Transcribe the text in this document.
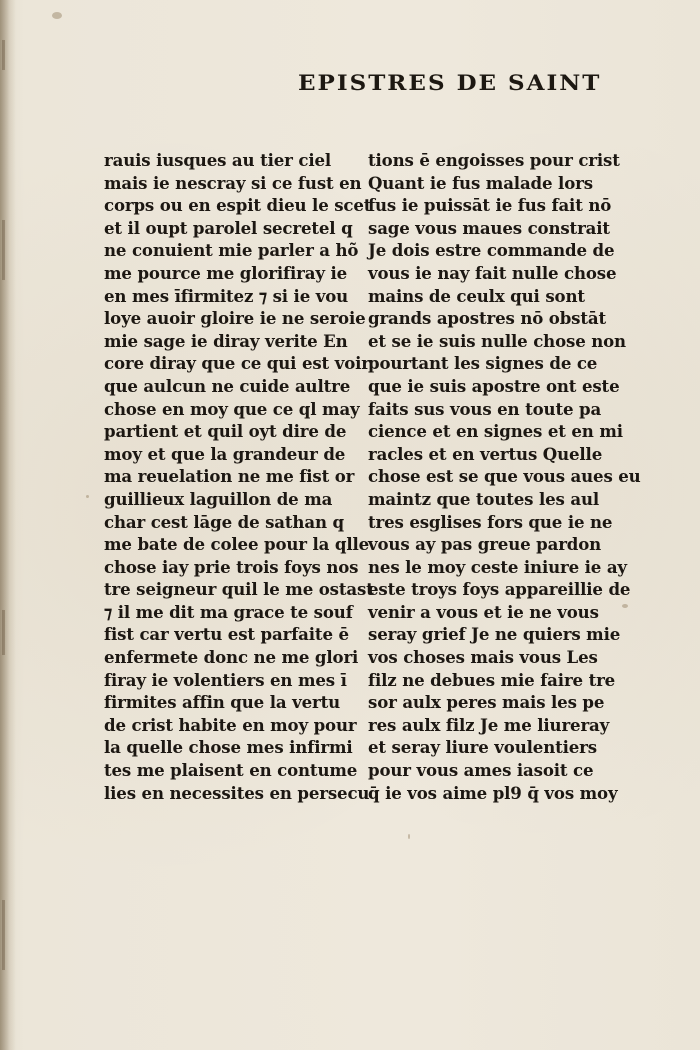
EPISTRES DE SAINT
rauis iusques au tier ciel
mais ie nescray si ce fust en
corps ou en espit dieu le scet
et il oupt parolel secretel q
ne conuient mie parler a hõ
me pource me glorifiray ie
en mes īfirmitez ⁊ si ie vou
loye auoir gloire ie ne seroie
mie sage ie diray verite En
core diray que ce qui est voir
que aulcun ne cuide aultre
chose en moy que ce ql may
partient et quil oyt dire de
moy et que la grandeur de
ma reuelation ne me fist or
guillieux laguillon de ma
char cest lāge de sathan q
me bate de colee pour la qlle
chose iay prie trois foys nos
tre seigneur quil le me ostast
⁊ il me dit ma grace te souf
fist car vertu est parfaite ē
enfermete donc ne me glori
firay ie volentiers en mes ī
firmites affin que la vertu
de crist habite en moy pour
la quelle chose mes infirmi
tes me plaisent en contume
lies en necessites en persecu
tions ē engoisses pour crist
Quant ie fus malade lors
fus ie puissāt ie fus fait nō
sage vous maues constrait
Je dois estre commande de
vous ie nay fait nulle chose
mains de ceulx qui sont
grands apostres nō obstāt
et se ie suis nulle chose non
pourtant les signes de ce
que ie suis apostre ont este
faits sus vous en toute pa
cience et en signes et en mi
racles et en vertus Quelle
chose est se que vous aues eu
maintz que toutes les aul
tres esglises fors que ie ne
vous ay pas greue pardon
nes le moy ceste iniure ie ay
este troys foys appareillie de
venir a vous et ie ne vous
seray grief Je ne quiers mie
vos choses mais vous Les
filz ne debues mie faire tre
sor aulx peres mais les pe
res aulx filz Je me liureray
et seray liure voulentiers
pour vous ames iasoit ce
q̄ ie vos aime pl9 q̄ vos moy
